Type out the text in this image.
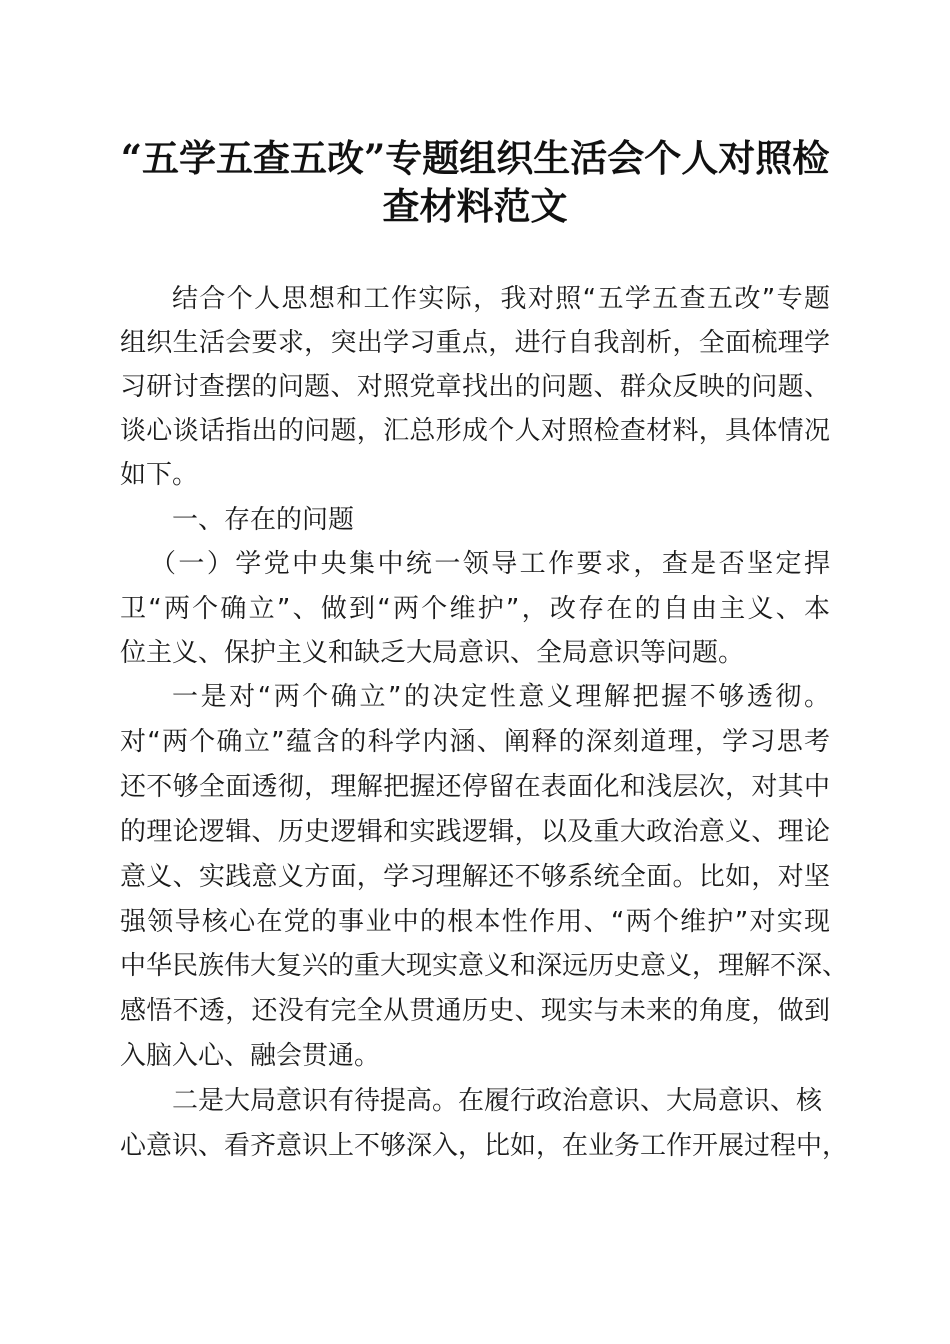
“五学五查五改”专题组织生活会个人对照检
查材料范文
结合个人思想和工作实际，我对照“五学五查五改”专题
组织生活会要求，突出学习重点，进行自我剖析，全面梳理学
习研讨查摆的问题、对照党章找出的问题、群众反映的问题、
谈心谈话指出的问题，汇总形成个人对照检查材料，具体情况
如下。
一、存在的问题
（一）学党中央集中统一领导工作要求，查是否坚定捍
卫“两个确立”、做到“两个维护”，改存在的自由主义、本
位主义、保护主义和缺乏大局意识、全局意识等问题。
一是对“两个确立”的决定性意义理解把握不够透彻。
对“两个确立”蕴含的科学内涵、阐释的深刻道理，学习思考
还不够全面透彻，理解把握还停留在表面化和浅层次，对其中
的理论逻辑、历史逻辑和实践逻辑，以及重大政治意义、理论
意义、实践意义方面，学习理解还不够系统全面。比如，对坚
强领导核心在党的事业中的根本性作用、“两个维护”对实现
中华民族伟大复兴的重大现实意义和深远历史意义，理解不深、
感悟不透，还没有完全从贯通历史、现实与未来的角度，做到
入脑入心、融会贯通。
二是大局意识有待提高。在履行政治意识、大局意识、核
心意识、看齐意识上不够深入，比如，在业务工作开展过程中，
